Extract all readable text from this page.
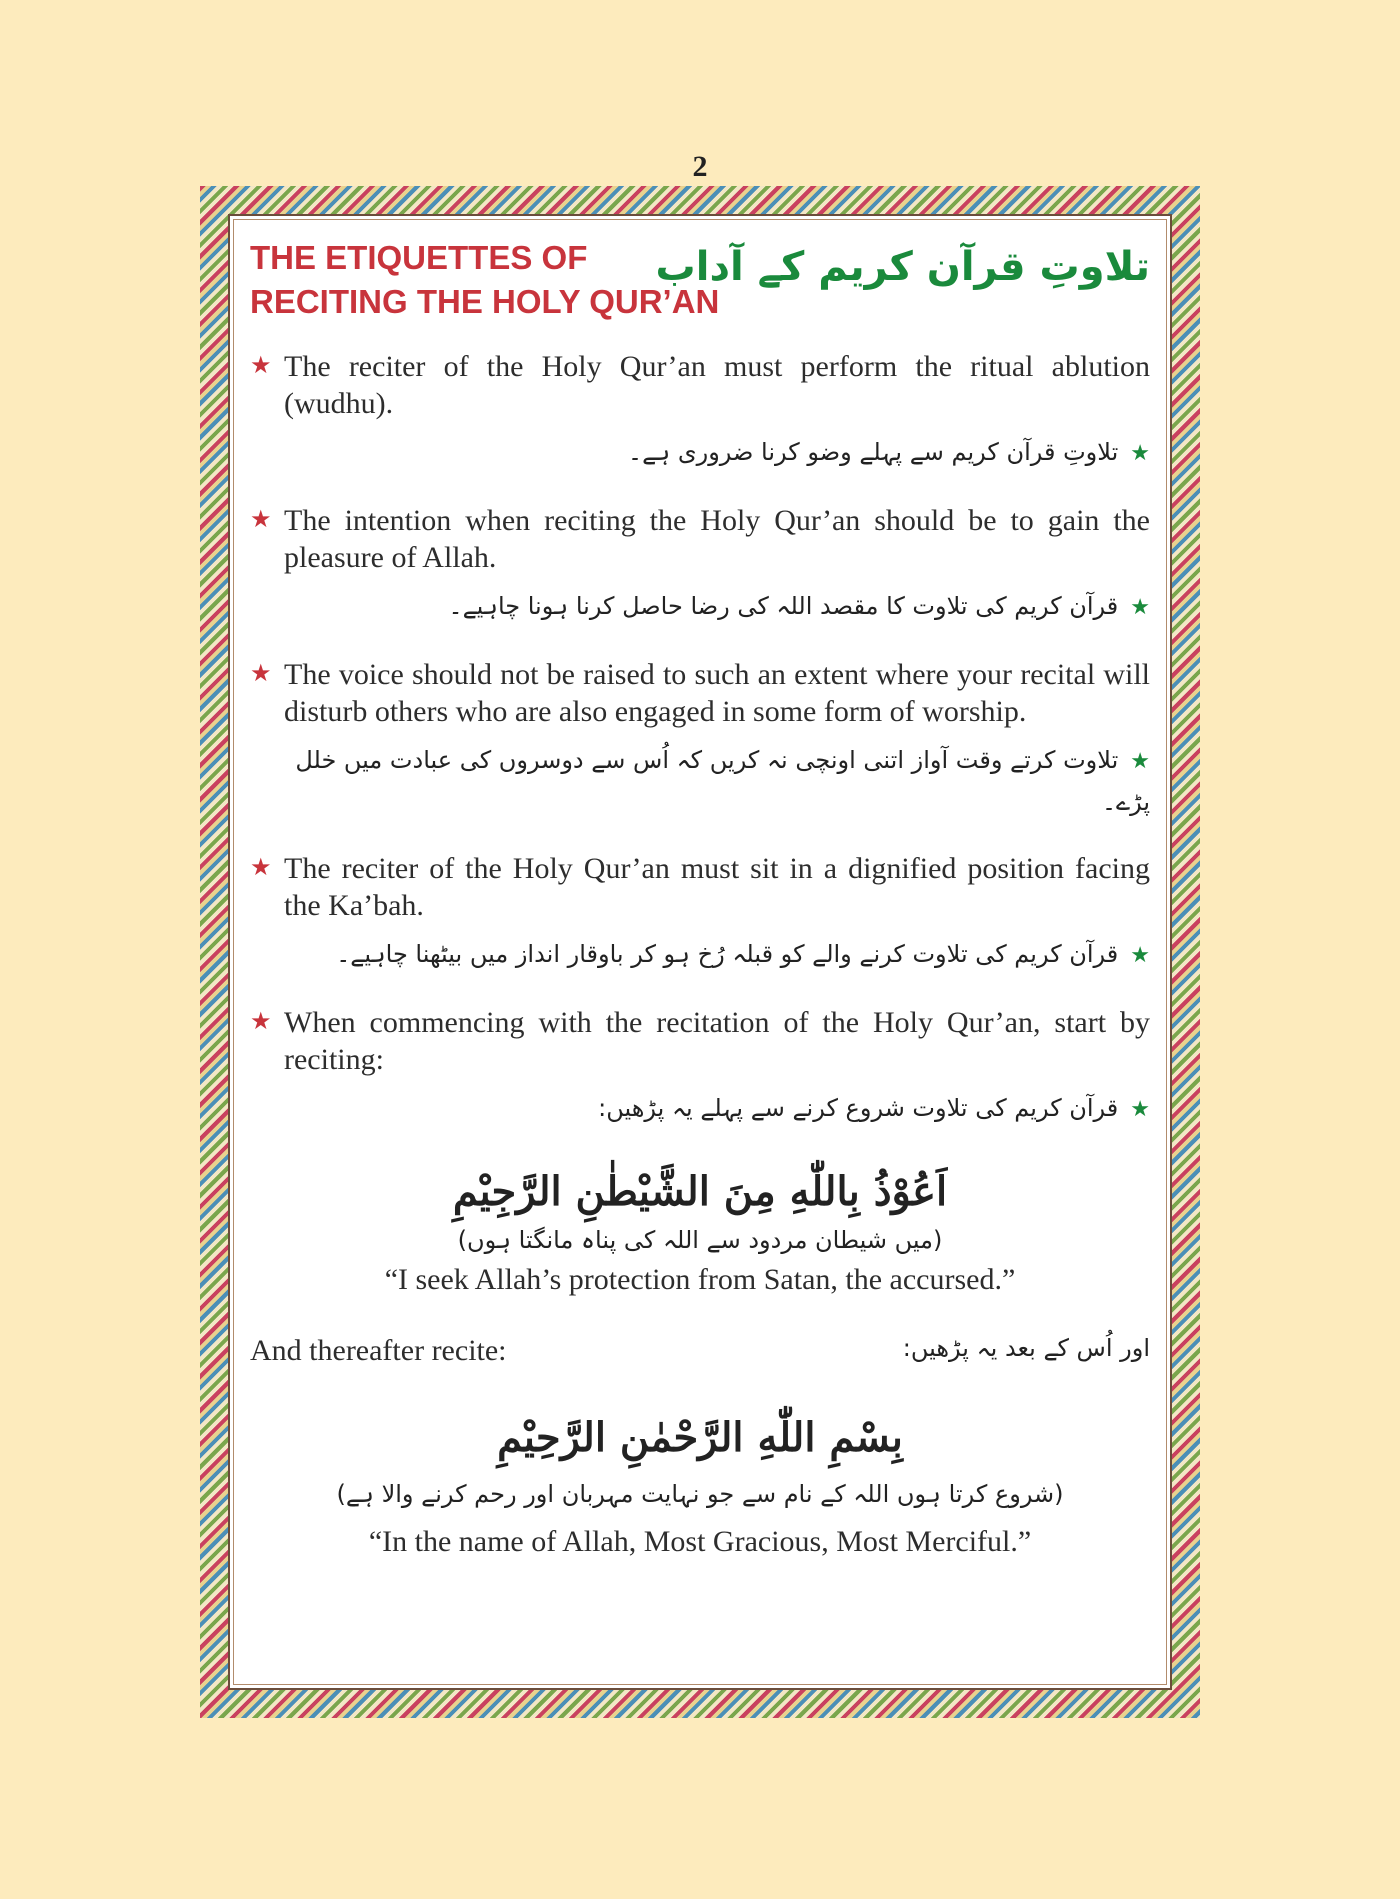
2
THE ETIQUETTES OF
RECITING THE HOLY QUR’AN
تلاوتِ قرآن کریم کے آداب
★ The reciter of the Holy Qur’an must perform the ritual ablution (wudhu).
★تلاوتِ قرآن کریم سے پہلے وضو کرنا ضروری ہے۔
★ The intention when reciting the Holy Qur’an should be to gain the pleasure of Allah.
★قرآن کریم کی تلاوت کا مقصد اللہ کی رضا حاصل کرنا ہونا چاہیے۔
★ The voice should not be raised to such an extent where your recital will disturb others who are also engaged in some form of worship.
★تلاوت کرتے وقت آواز اتنی اونچی نہ کریں کہ اُس سے دوسروں کی عبادت میں خلل پڑے۔
★ The reciter of the Holy Qur’an must sit in a dignified position facing the Ka’bah.
★قرآن کریم کی تلاوت کرنے والے کو قبلہ رُخ ہو کر باوقار انداز میں بیٹھنا چاہیے۔
★ When commencing with the recitation of the Holy Qur’an, start by reciting:
★قرآن کریم کی تلاوت شروع کرنے سے پہلے یہ پڑھیں:
اَعُوْذُ بِاللّٰهِ مِنَ الشَّيْطٰنِ الرَّجِيْمِ
(میں شیطان مردود سے اللہ کی پناہ مانگتا ہوں)
“I seek Allah’s protection from Satan, the accursed.”
And thereafter recite:	اور اُس کے بعد یہ پڑھیں:
بِسْمِ اللّٰهِ الرَّحْمٰنِ الرَّحِيْمِ
(شروع کرتا ہوں اللہ کے نام سے جو نہایت مہربان اور رحم کرنے والا ہے)
“In the name of Allah, Most Gracious, Most Merciful.”
